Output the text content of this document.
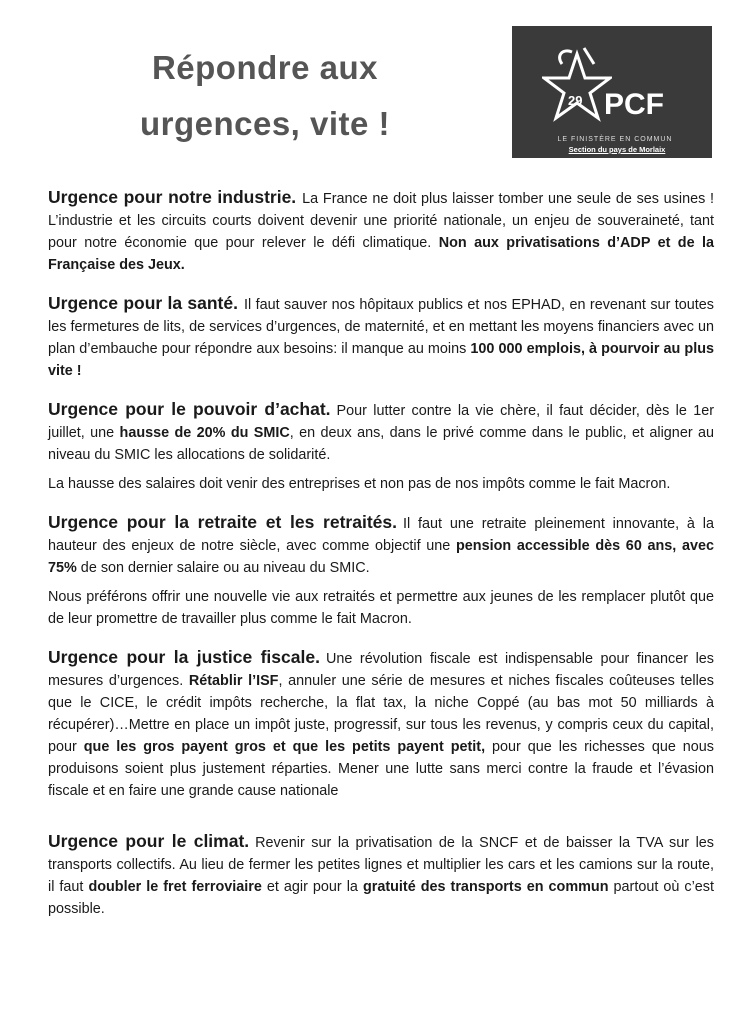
Répondre aux
urgences, vite !
29 PCF
LE FINISTÈRE EN COMMUN
Section du pays de Morlaix

Urgence pour notre industrie. La France ne doit plus laisser tomber une seule de ses usines ! L’industrie et les circuits courts doivent devenir une priorité nationale, un enjeu de souveraineté, tant pour notre économie que pour relever le défi climatique. Non aux privatisations d’ADP et de la Française des Jeux.

Urgence pour la santé. Il faut sauver nos hôpitaux publics et nos EPHAD, en revenant sur toutes les fermetures de lits, de services d’urgences, de maternité, et en mettant les moyens financiers avec un plan d’embauche pour répondre aux besoins: il manque au moins 100 000 emplois, à pourvoir au plus vite !

Urgence pour le pouvoir d’achat. Pour lutter contre la vie chère, il faut décider, dès le 1er juillet, une hausse de 20% du SMIC, en deux ans, dans le privé comme dans le public, et aligner au niveau du SMIC les allocations de solidarité.

La hausse des salaires doit venir des entreprises et non pas de nos impôts comme le fait Macron.

Urgence pour la retraite et les retraités. Il faut une retraite pleinement innovante, à la hauteur des enjeux de notre siècle, avec comme objectif une pension accessible dès 60 ans, avec 75% de son dernier salaire ou au niveau du SMIC.

Nous préférons offrir une nouvelle vie aux retraités et permettre aux jeunes de les remplacer plutôt que de leur promettre de travailler plus comme le fait Macron.

Urgence pour la justice fiscale. Une révolution fiscale est indispensable pour financer les mesures d’urgences. Rétablir l’ISF, annuler une série de mesures et niches fiscales coûteuses telles que le CICE, le crédit impôts recherche, la flat tax, la niche Coppé (au bas mot 50 milliards à récupérer)…Mettre en place un impôt juste, progressif, sur tous les revenus, y compris ceux du capital, pour que les gros payent gros et que les petits payent petit, pour que les richesses que nous produisons soient plus justement réparties. Mener une lutte sans merci contre la fraude et l’évasion fiscale et en faire une grande cause nationale

Urgence pour le climat. Revenir sur la privatisation de la SNCF et de baisser la TVA sur les transports collectifs. Au lieu de fermer les petites lignes et multiplier les cars et les camions sur la route, il faut doubler le fret ferroviaire et agir pour la gratuité des transports en commun partout où c’est possible.
